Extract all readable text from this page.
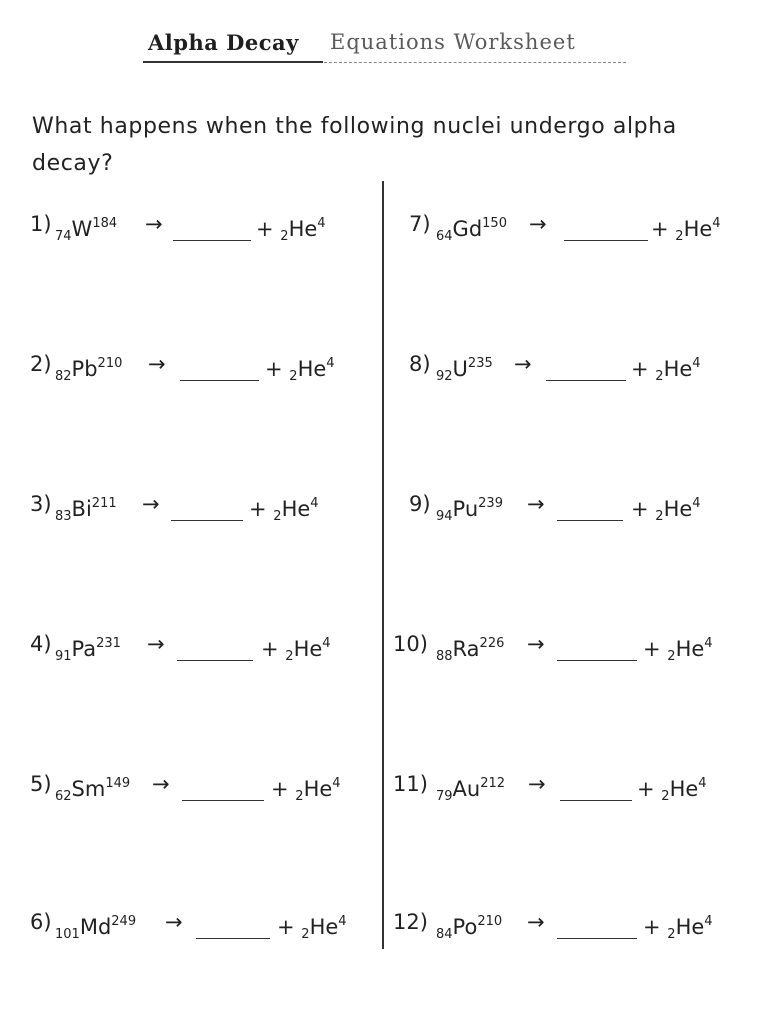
Alpha Decay Equations Worksheet
What happens when the following nuclei undergo alpha decay?
1)
$_{74}W^{184}$ →	+ $_2He^4$
2)
$_{82}Pb^{210}$ →	+ $_2He^4$
3)
$_{83}Bi^{211}$ →	+ $_2He^4$
4)
$_{91}Pa^{231}$ →	+ $_2He^4$
5)
$_{62}Sm^{149}$ →	+ $_2He^4$
6)
$_{101}Md^{249}$ →	+ $_2He^4$
7)
$_{64}Gd^{150}$ →	+ $_2He^4$
8)
$_{92}U^{235}$ →	+ $_2He^4$
9)
$_{94}Pu^{239}$ →	+ $_2He^4$
10)
$_{88}Ra^{226}$ →	+ $_2He^4$
11)
$_{79}Au^{212}$ →	+ $_2He^4$
12)
$_{84}Po^{210}$ →	+ $_2He^4$
